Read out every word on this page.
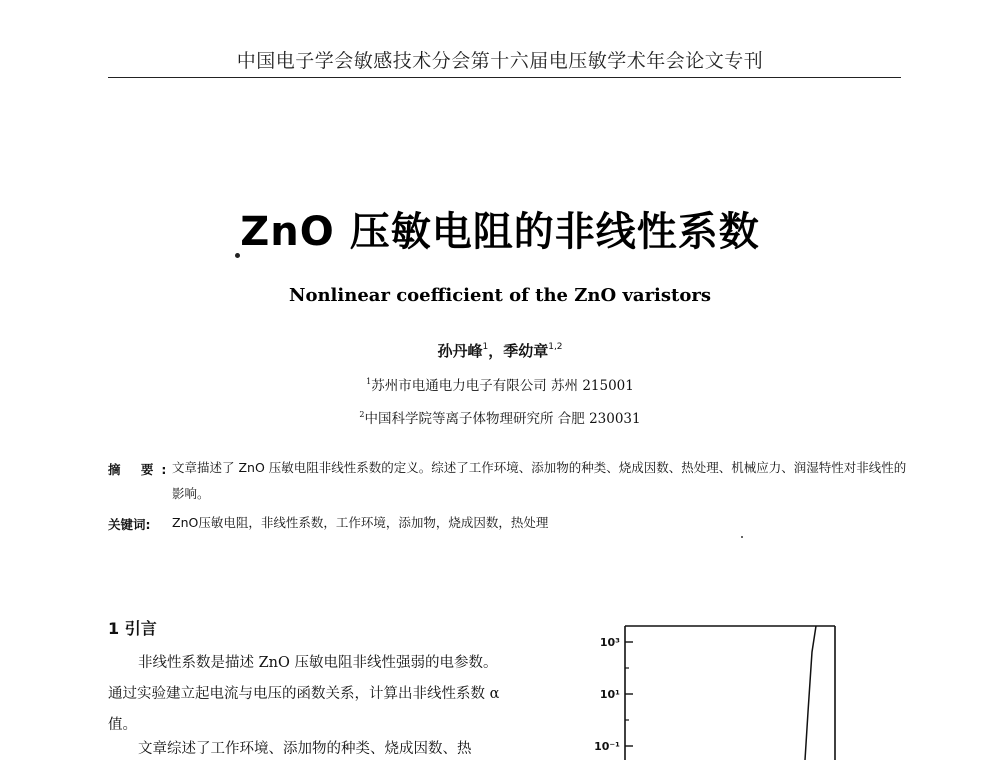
中国电子学会敏感技术分会第十六届电压敏学术年会论文专刊
ZnO 压敏电阻的非线性系数
Nonlinear coefficient of the ZnO varistors
孙丹峰$^1$，季幼章$^{1,2}$
$^1$苏州市电通电力电子有限公司 苏州 215001
$^2$中国科学院等离子体物理研究所 合肥 230031
摘 要:
文章描述了 ZnO 压敏电阻非线性系数的定义。综述了工作环境、添加物的种类、烧成因数、热处理、机械应力、润湿特性对非线性的影响。
关键词: ZnO压敏电阻，非线性系数，工作环境，添加物，烧成因数，热处理
1 引言
非线性系数是描述 ZnO 压敏电阻非线性强弱的电参数。通过实验建立起电流与电压的函数关系，计算出非线性系数 α 值。
文章综述了工作环境、添加物的种类、烧成因数、热
10³
10¹
10⁻¹
